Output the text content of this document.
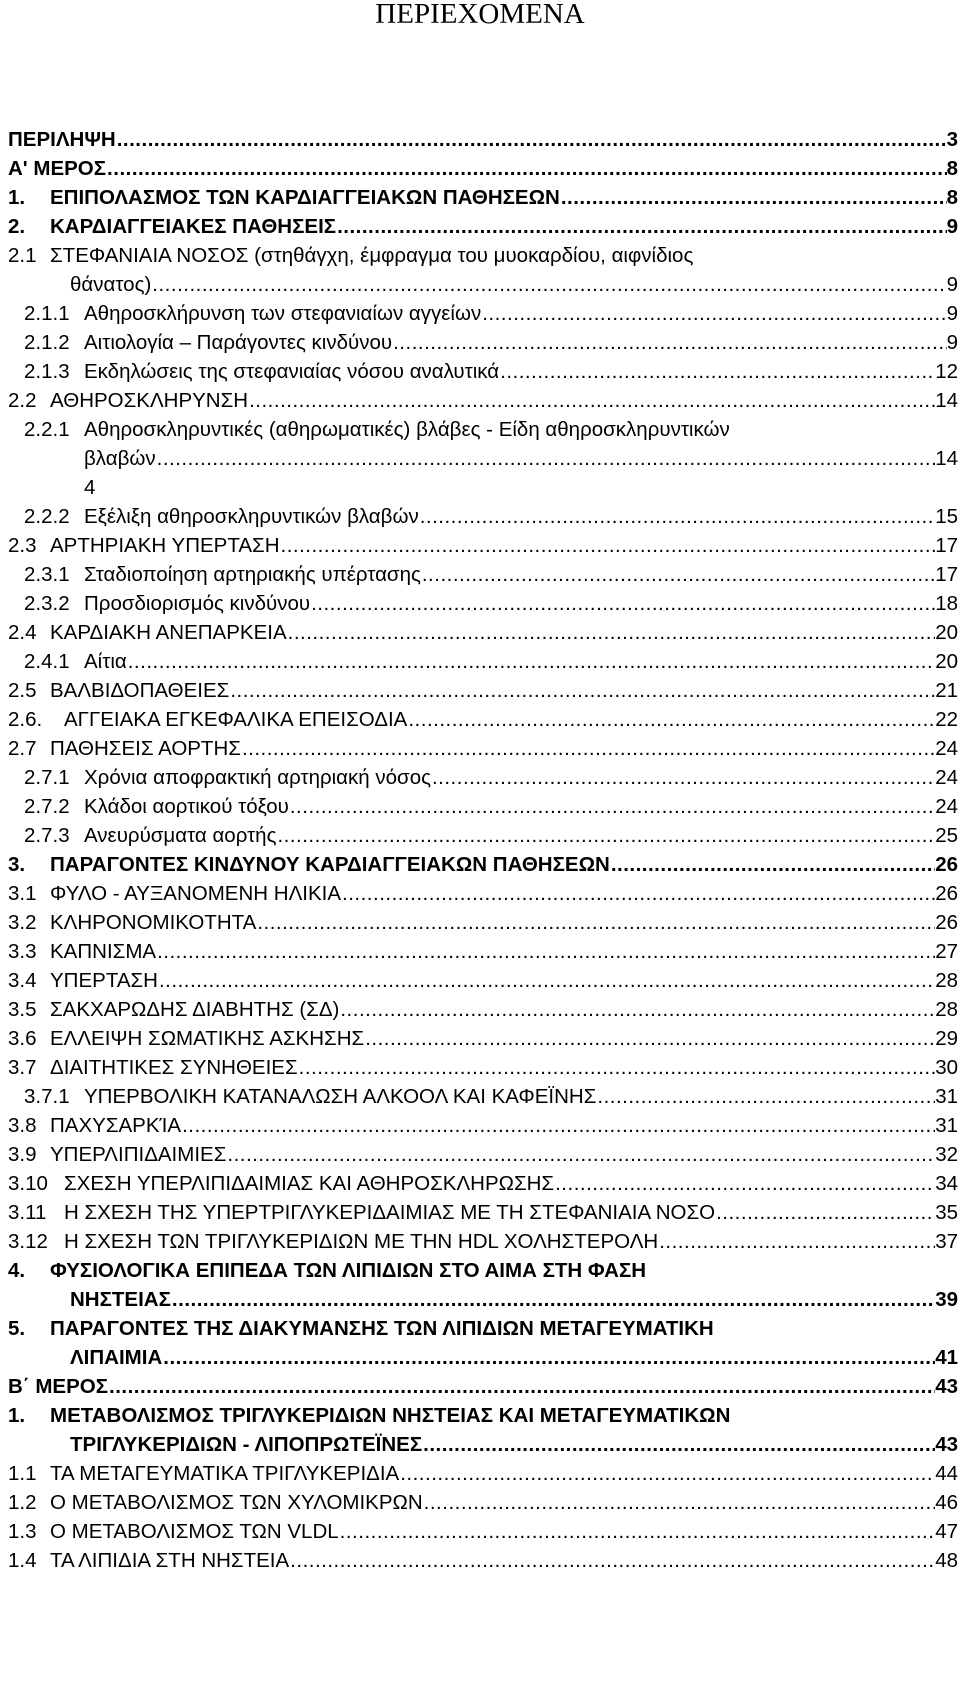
ΠΕΡΙΕΧΟΜΕΝΑ
ΠΕΡΙΛΗΨΗ .....	3
Α' ΜΕΡΟΣ .....	8
1. ΕΠΙΠΟΛΑΣΜΟΣ ΤΩΝ ΚΑΡΔΙΑΓΓΕΙΑΚΩΝ ΠΑΘΗΣΕΩΝ .....	8
2. ΚΑΡΔΙΑΓΓΕΙΑΚΕΣ ΠΑΘΗΣΕΙΣ .....	9
2.1 ΣΤΕΦΑΝΙΑΙΑ ΝΟΣΟΣ (στηθάγχη, έμφραγμα του μυοκαρδίου, αιφνίδιος
θάνατος) .....	9
2.1.1 Αθηροσκλήρυνση των στεφανιαίων αγγείων .....	9
2.1.2 Αιτιολογία – Παράγοντες κινδύνου .....	9
2.1.3 Εκδηλώσεις της στεφανιαίας νόσου αναλυτικά .....	12
2.2 ΑΘΗΡΟΣΚΛΗΡΥΝΣΗ .....	14
2.2.1 Αθηροσκληρυντικές (αθηρωματικές) βλάβες - Είδη αθηροσκληρυντικών
βλαβών .....	14
4
2.2.2 Εξέλιξη αθηροσκληρυντικών βλαβών .....	15
2.3 ΑΡΤΗΡΙΑΚΗ ΥΠΕΡΤΑΣΗ .....	17
2.3.1 Σταδιοποίηση αρτηριακής υπέρτασης .....	17
2.3.2 Προσδιορισμός κινδύνου .....	18
2.4 ΚΑΡΔΙΑΚΗ ΑΝΕΠΑΡΚΕΙΑ .....	20
2.4.1 Αίτια .....	20
2.5 ΒΑΛΒΙΔΟΠΑΘΕΙΕΣ .....	21
2.6. ΑΓΓΕΙΑΚΑ ΕΓΚΕΦΑΛΙΚΑ ΕΠΕΙΣΟΔΙΑ .....	22
2.7 ΠΑΘΗΣΕΙΣ ΑΟΡΤΗΣ .....	24
2.7.1 Χρόνια αποφρακτική αρτηριακή νόσος .....	24
2.7.2 Κλάδοι αορτικού τόξου .....	24
2.7.3 Ανευρύσματα αορτής .....	25
3. ΠΑΡΑΓΟΝΤΕΣ ΚΙΝΔΥΝΟΥ ΚΑΡΔΙΑΓΓΕΙΑΚΩΝ ΠΑΘΗΣΕΩΝ .....	26
3.1 ΦΥΛΟ - ΑΥΞΑΝΟΜΕΝΗ ΗΛΙΚΙΑ .....	26
3.2 ΚΛΗΡΟΝΟΜΙΚΟΤΗΤΑ .....	26
3.3 ΚΑΠΝΙΣΜΑ .....	27
3.4 ΥΠΕΡΤΑΣΗ .....	28
3.5 ΣΑΚΧΑΡΩΔΗΣ ΔΙΑΒΗΤΗΣ (ΣΔ) .....	28
3.6 ΕΛΛΕΙΨΗ ΣΩΜΑΤΙΚΗΣ ΑΣΚΗΣΗΣ .....	29
3.7 ΔΙΑΙΤΗΤΙΚΕΣ ΣΥΝΗΘΕΙΕΣ .....	30
3.7.1 ΥΠΕΡΒΟΛΙΚΗ ΚΑΤΑΝΑΛΩΣΗ ΑΛΚΟΟΛ ΚΑΙ ΚΑΦΕΪΝΗΣ .....	31
3.8 ΠΑΧΥΣΑΡΚΊΑ .....	31
3.9 ΥΠΕΡΛΙΠΙΔΑΙΜΙΕΣ .....	32
3.10 ΣΧΕΣΗ ΥΠΕΡΛΙΠΙΔΑΙΜΙΑΣ ΚΑΙ ΑΘΗΡΟΣΚΛΗΡΩΣΗΣ .....	34
3.11 Η ΣΧΕΣΗ ΤΗΣ ΥΠΕΡΤΡΙΓΛΥΚΕΡΙΔΑΙΜΙΑΣ ΜΕ ΤΗ ΣΤΕΦΑΝΙΑΙΑ ΝΟΣΟ .....	35
3.12 Η ΣΧΕΣΗ ΤΩΝ ΤΡΙΓΛΥΚΕΡΙΔΙΩΝ ΜΕ ΤΗΝ HDL ΧΟΛΗΣΤΕΡΟΛΗ .....	37
4. ΦΥΣΙΟΛΟΓΙΚΑ ΕΠΙΠΕΔΑ ΤΩΝ ΛΙΠΙΔΙΩΝ ΣΤΟ ΑΙΜΑ ΣΤΗ ΦΑΣΗ
ΝΗΣΤΕΙΑΣ .....	39
5. ΠΑΡΑΓΟΝΤΕΣ ΤΗΣ ΔΙΑΚΥΜΑΝΣΗΣ ΤΩΝ ΛΙΠΙΔΙΩΝ ΜΕΤΑΓΕΥΜΑΤΙΚΗ
ΛΙΠΑΙΜΙΑ .....	41
Β΄ ΜΕΡΟΣ .....	43
1. ΜΕΤΑΒΟΛΙΣΜΟΣ ΤΡΙΓΛΥΚΕΡΙΔΙΩΝ ΝΗΣΤΕΙΑΣ ΚΑΙ ΜΕΤΑΓΕΥΜΑΤΙΚΩΝ
ΤΡΙΓΛΥΚΕΡΙΔΙΩΝ - ΛΙΠΟΠΡΩΤΕΪΝΕΣ .....	43
1.1 ΤΑ ΜΕΤΑΓΕΥΜΑΤΙΚΑ ΤΡΙΓΛΥΚΕΡΙΔΙΑ .....	44
1.2 Ο ΜΕΤΑΒΟΛΙΣΜΟΣ ΤΩΝ ΧΥΛΟΜΙΚΡΩΝ .....	46
1.3 Ο ΜΕΤΑΒΟΛΙΣΜΟΣ ΤΩΝ VLDL .....	47
1.4 ΤΑ ΛΙΠΙΔΙΑ ΣΤΗ ΝΗΣΤΕΙΑ .....	48
